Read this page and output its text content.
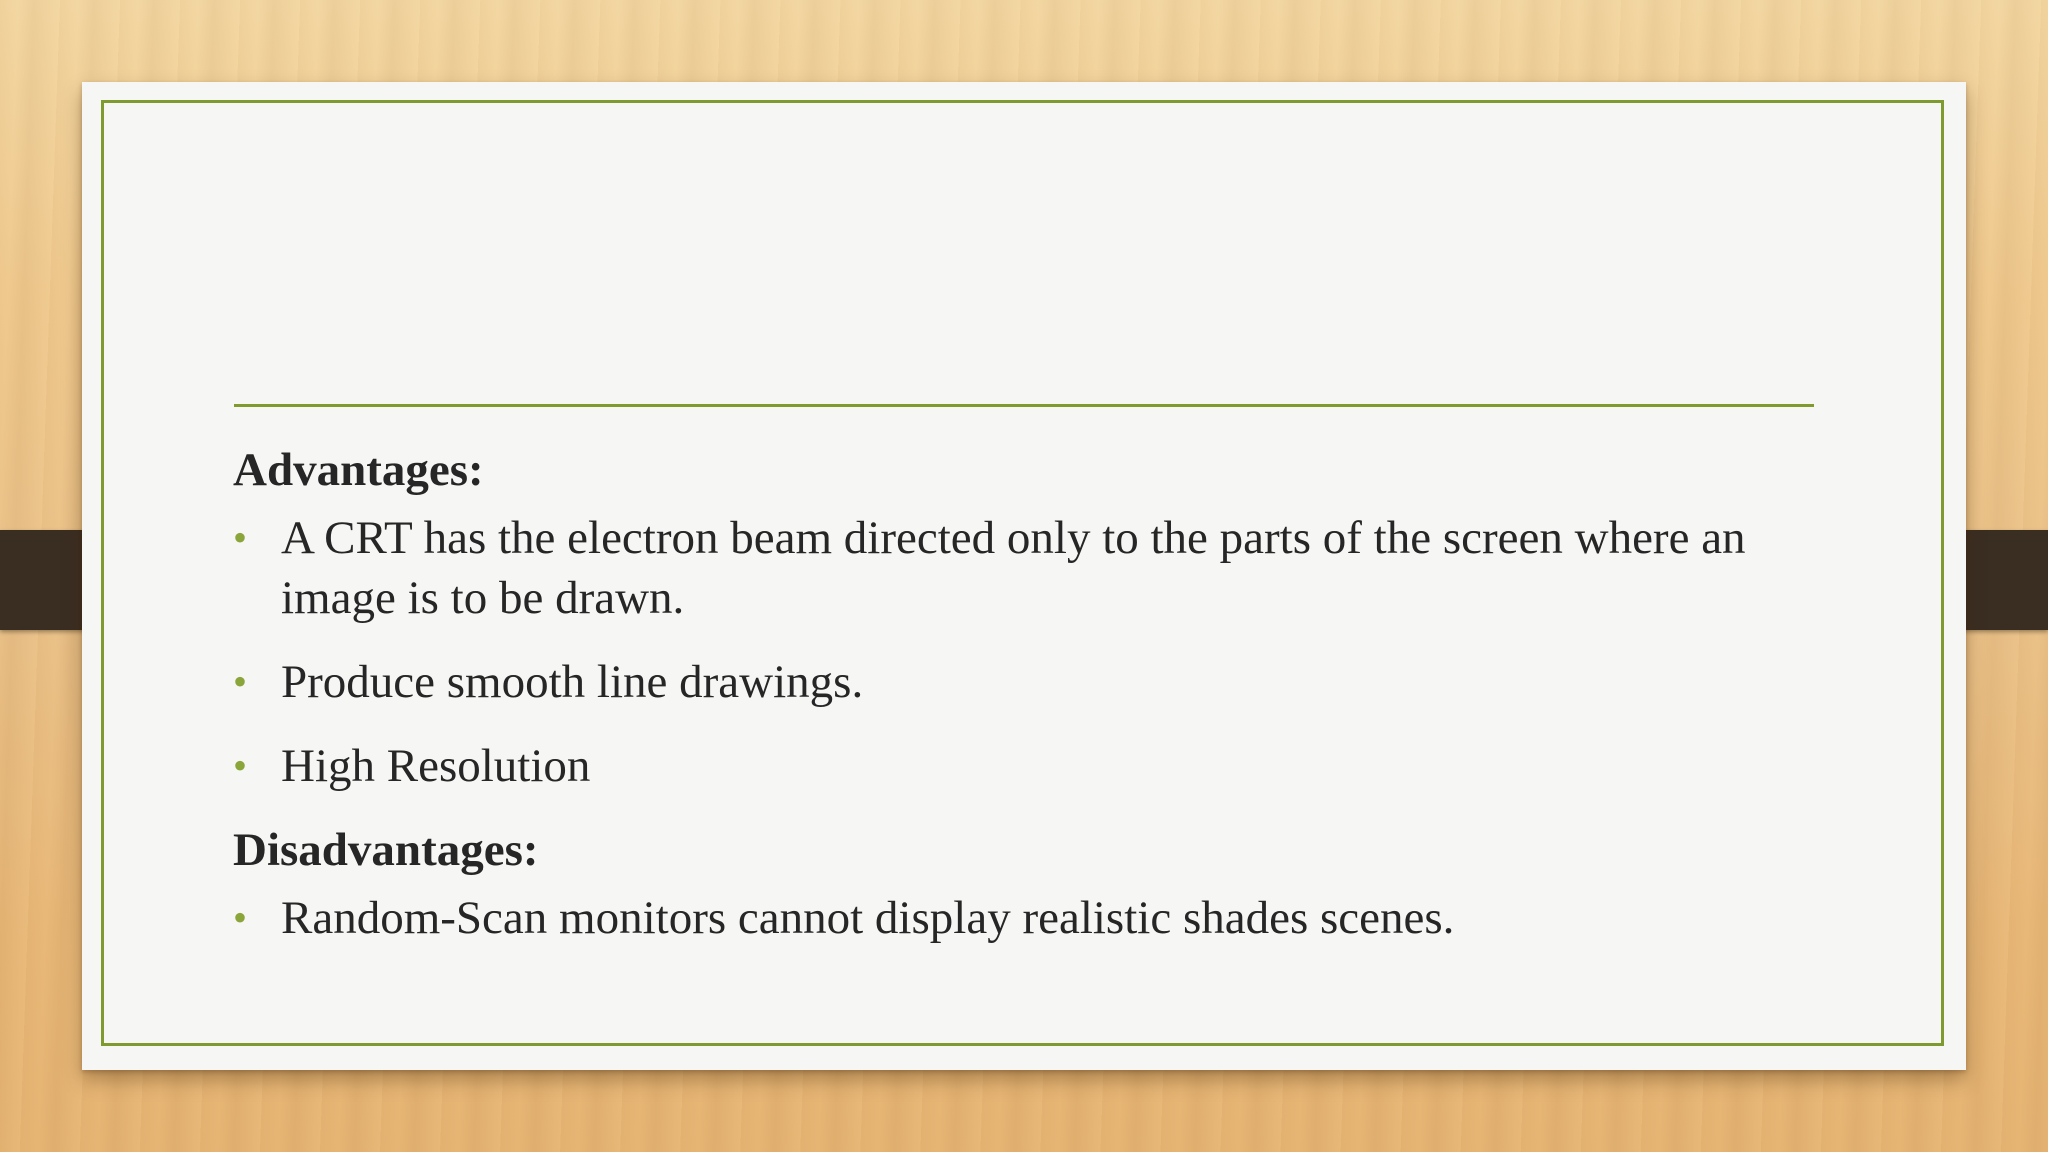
Advantages:

• A CRT has the electron beam directed only to the parts of the screen where an image is to be drawn.
• Produce smooth line drawings.
• High Resolution

Disadvantages:

• Random-Scan monitors cannot display realistic shades scenes.
